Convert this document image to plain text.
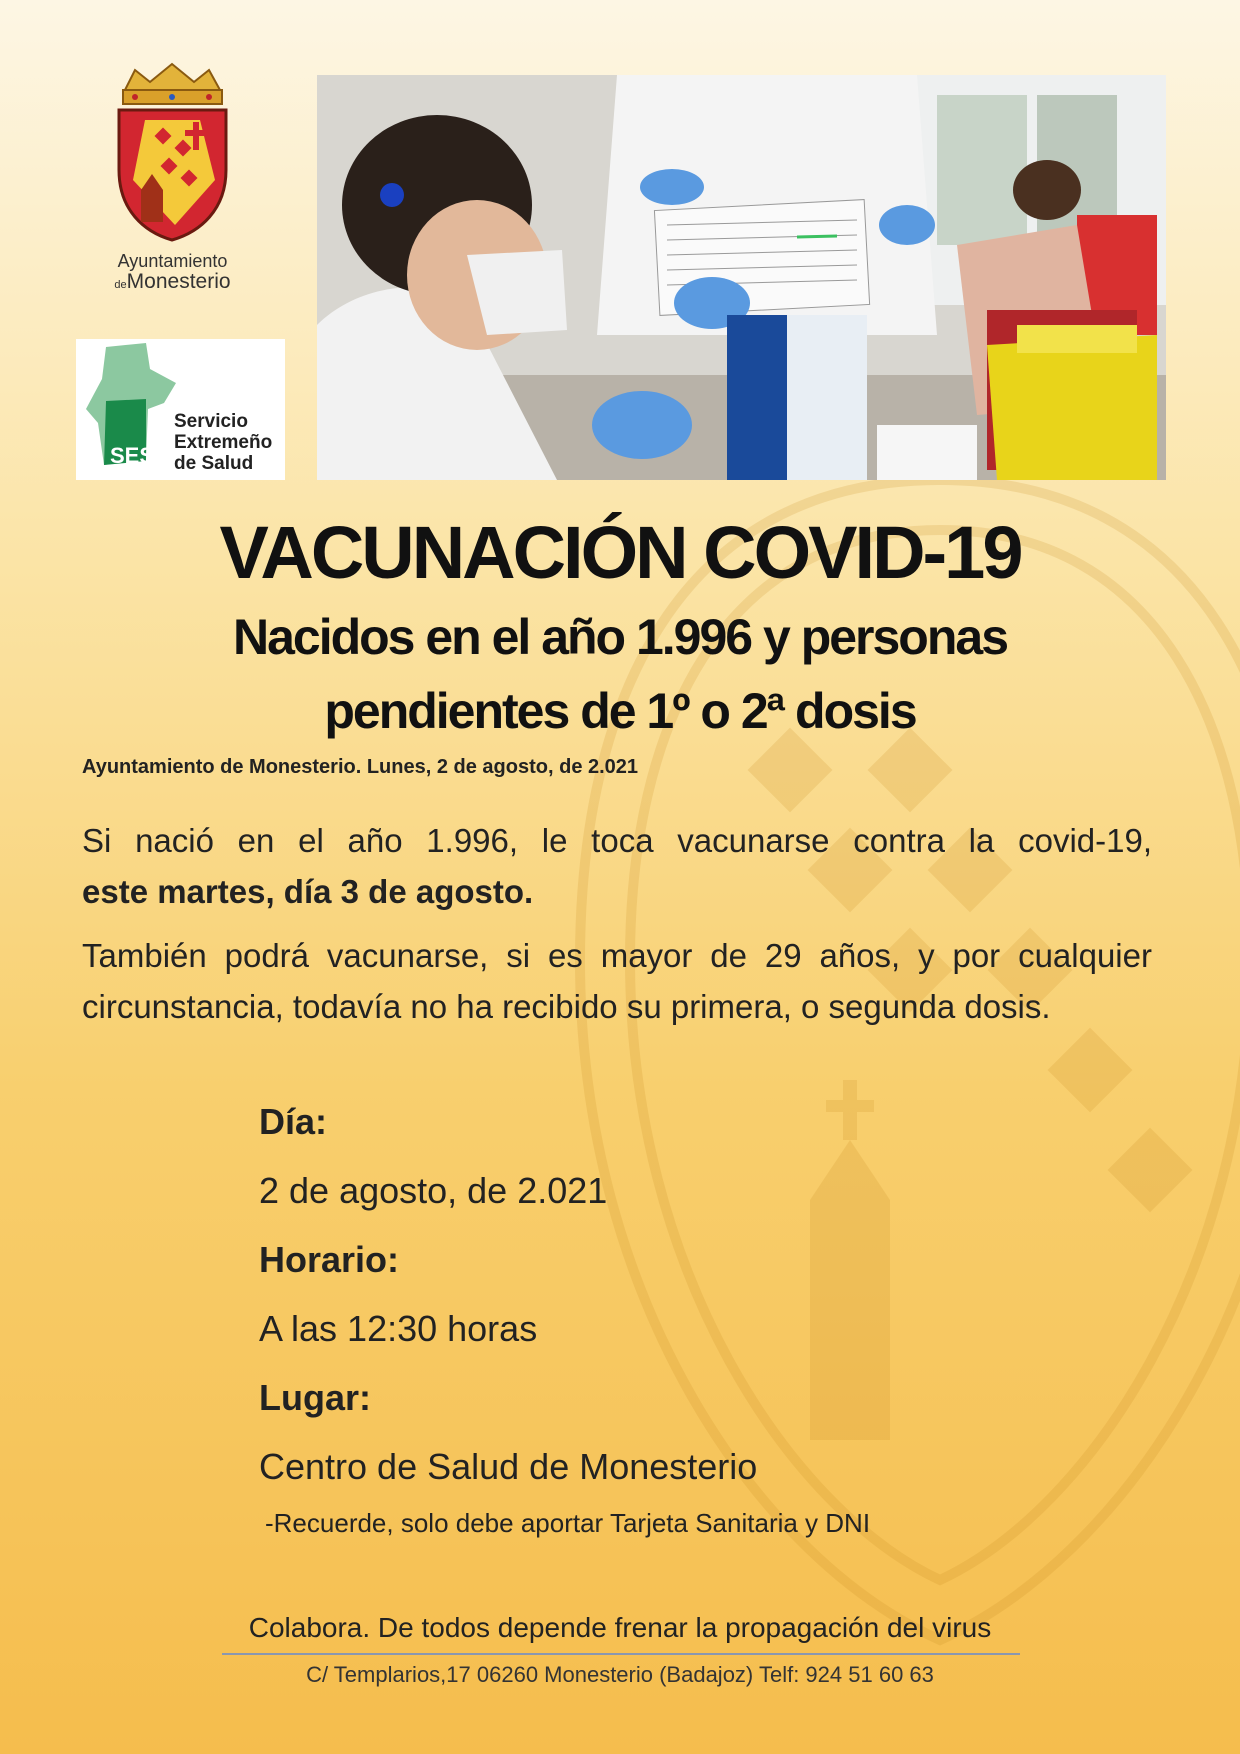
Ayuntamiento
deMonesterio
SES
Servicio
Extremeño
de Salud
VACUNACIÓN COVID-19
Nacidos en el año 1.996 y personas
pendientes de 1º o 2ª dosis
Ayuntamiento de Monesterio. Lunes, 2 de agosto, de 2.021
Si nació en el año 1.996, le toca vacunarse contra la covid-19,
este martes, día 3 de agosto.
También podrá vacunarse, si es mayor de 29 años, y por cualquier circunstancia, todavía no ha recibido su primera, o segunda dosis.
Día:
2 de agosto, de 2.021
Horario:
A las 12:30 horas
Lugar:
Centro de Salud de Monesterio
-Recuerde, solo debe aportar Tarjeta Sanitaria y DNI
Colabora. De todos depende frenar la propagación del virus
C/ Templarios,17 06260 Monesterio (Badajoz) Telf: 924 51 60 63
